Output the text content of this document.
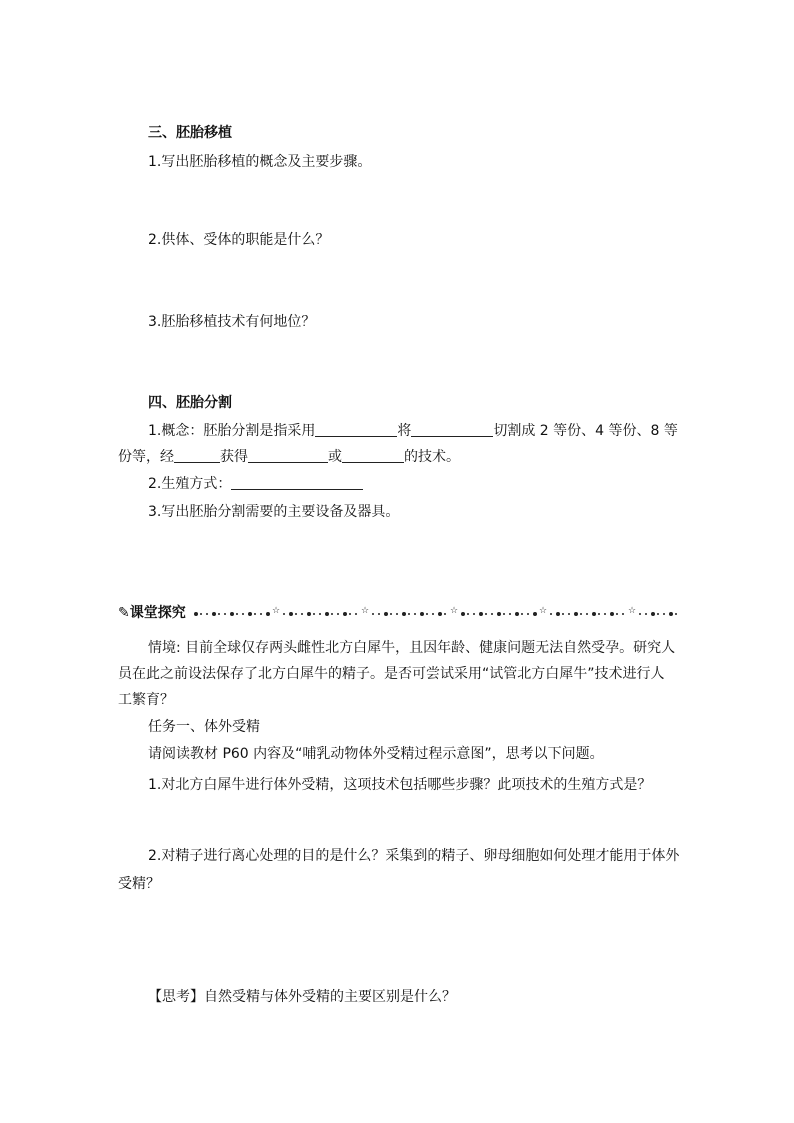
三、胚胎移植
1.写出胚胎移植的概念及主要步骤。
2.供体、受体的职能是什么？
3.胚胎移植技术有何地位？
四、胚胎分割
1.概念：胚胎分割是指采用	将	切割成 2 等份、4 等份、8 等
份等，经	获得	或	的技术。
2.生殖方式：
3.写出胚胎分割需要的主要设备及器具。
✎课堂探究	☆	☆	☆	☆	☆
情境: 目前全球仅存两头雌性北方白犀牛，且因年龄、健康问题无法自然受孕。研究人
员在此之前设法保存了北方白犀牛的精子。是否可尝试采用“试管北方白犀牛”技术进行人
工繁育？
任务一、体外受精
请阅读教材 P60 内容及“哺乳动物体外受精过程示意图”，思考以下问题。
1.对北方白犀牛进行体外受精，这项技术包括哪些步骤？此项技术的生殖方式是？
2.对精子进行离心处理的目的是什么？采集到的精子、卵母细胞如何处理才能用于体外
受精？
【思考】自然受精与体外受精的主要区别是什么？
